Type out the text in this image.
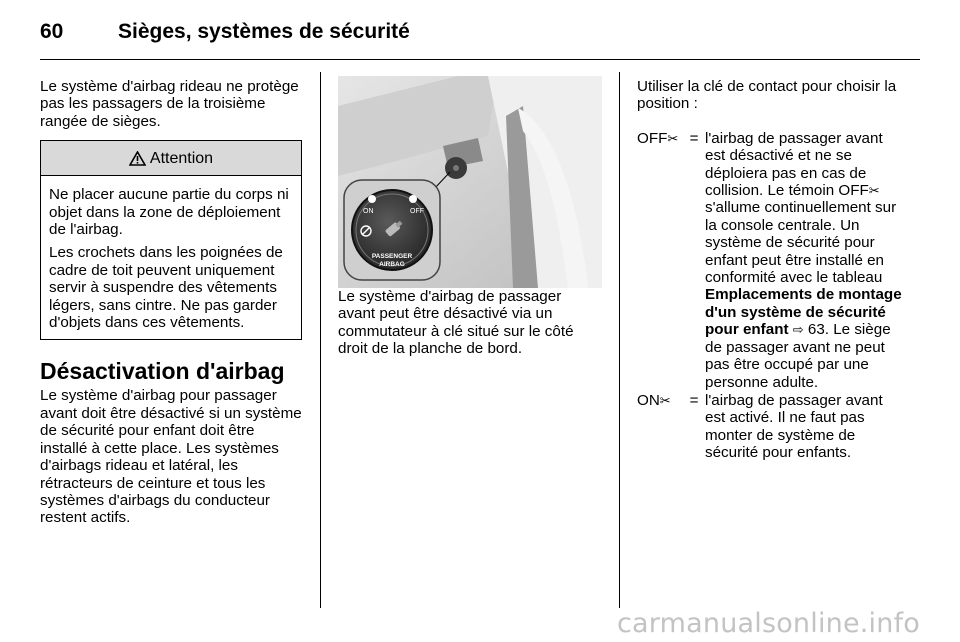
60	Sièges, systèmes de sécurité

Le système d'airbag rideau ne protège pas les passagers de la troisième rangée de sièges.

Attention

Ne placer aucune partie du corps ni objet dans la zone de déploiement de l'airbag.

Les crochets dans les poignées de cadre de toit peuvent uniquement servir à suspendre des vêtements légers, sans cintre. Ne pas garder d'objets dans ces vêtements.

Désactivation d'airbag

Le système d'airbag pour passager avant doit être désactivé si un système de sécurité pour enfant doit être installé à cette place. Les systèmes d'airbags rideau et latéral, les rétracteurs de ceinture et tous les systèmes d'airbags du conducteur restent actifs.

ON	OFF
PASSENGER
AIRBAG

Le système d'airbag de passager avant peut être désactivé via un commutateur à clé situé sur le côté droit de la planche de bord.

Utiliser la clé de contact pour choisir la position :

OFF ✂ = l'airbag de passager avant est désactivé et ne se déploiera pas en cas de collision. Le témoin OFF✂ s'allume continuellement sur la console centrale. Un système de sécurité pour enfant peut être installé en conformité avec le tableau Emplacements de montage d'un système de sécurité pour enfant ⇨ 63. Le siège de passager avant ne peut pas être occupé par une personne adulte.
ON ✂	= l'airbag de passager avant est activé. Il ne faut pas monter de système de sécurité pour enfants.
carmanualsonline.info
